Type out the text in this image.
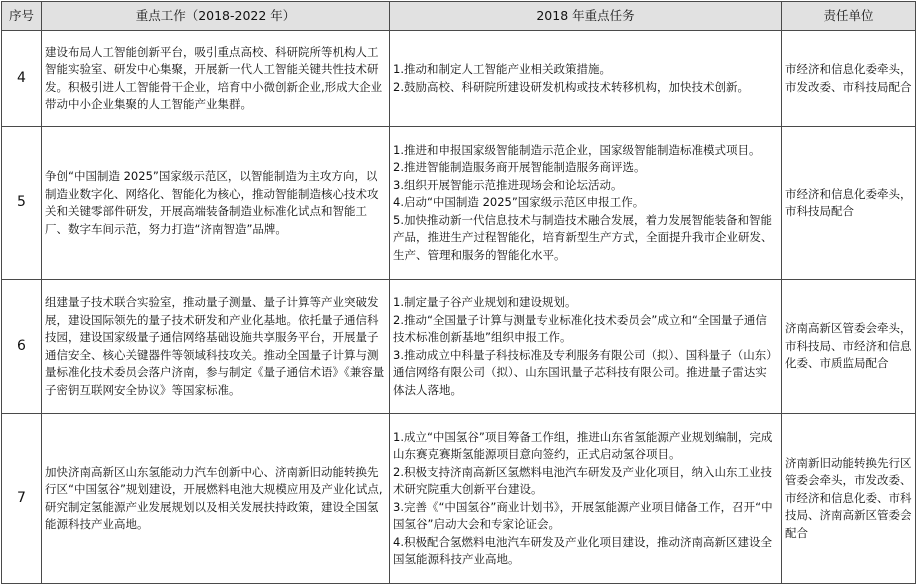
序号	重点工作（2018-2022 年）	2018 年重点任务	责任单位
4	建设布局人工智能创新平台，吸引重点高校、科研院所等机构人工智能实验室、研发中心集聚，开展新一代人工智能关键共性技术研发。积极引进人工智能骨干企业，培育中小微创新企业,形成大企业带动中小企业集聚的人工智能产业集群。	1.推动和制定人工智能产业相关政策措施。
2.鼓励高校、科研院所建设研发机构或技术转移机构，加快技术创新。	市经济和信息化委牵头，市发改委、市科技局配合
5	争创“中国制造 2025”国家级示范区，以智能制造为主攻方向，以制造业数字化、网络化、智能化为核心，推动智能制造核心技术攻关和关键零部件研发，开展高端装备制造业标准化试点和智能工厂、数字车间示范，努力打造“济南智造”品牌。	1.推进和申报国家级智能制造示范企业，国家级智能制造标准模式项目。
2.推进智能制造服务商开展智能制造服务商评选。
3.组织开展智能示范推进现场会和论坛活动。
4.启动“中国制造 2025”国家级示范区申报工作。
5.加快推动新一代信息技术与制造技术融合发展，着力发展智能装备和智能产品，推进生产过程智能化，培育新型生产方式，全面提升我市企业研发、生产、管理和服务的智能化水平。	市经济和信息化委牵头，市科技局配合
6	组建量子技术联合实验室，推动量子测量、量子计算等产业突破发展，建设国际领先的量子技术研发和产业化基地。依托量子通信科技园，建设国家级量子通信网络基础设施共享服务平台，开展量子通信安全、核心关键器件等领域科技攻关。推动全国量子计算与测量标准化技术委员会落户济南，参与制定《量子通信术语》《兼容量子密钥互联网安全协议》等国家标准。	1.制定量子谷产业规划和建设规划。
2.推动“全国量子计算与测量专业标准化技术委员会”成立和“全国量子通信技术标准创新基地”组织申报工作。
3.推动成立中科量子科技标准及专利服务有限公司（拟）、国科量子（山东）通信网络有限公司（拟）、山东国讯量子芯科技有限公司。推进量子雷达实体法人落地。	济南高新区管委会牵头，市科技局、市经济和信息化委、市质监局配合
7	加快济南高新区山东氢能动力汽车创新中心、济南新旧动能转换先行区“中国氢谷”规划建设，开展燃料电池大规模应用及产业化试点,研究制定氢能源产业发展规划以及相关发展扶持政策，建设全国氢能源科技产业高地。	1.成立“中国氢谷”项目筹备工作组，推进山东省氢能源产业规划编制，完成山东赛克赛斯氢能源项目意向签约，正式启动氢谷项目。
2.积极支持济南高新区氢燃料电池汽车研发及产业化项目，纳入山东工业技术研究院重大创新平台建设。
3.完善《“中国氢谷”商业计划书》，开展氢能源产业项目储备工作，召开“中国氢谷”启动大会和专家论证会。
4.积极配合氢燃料电池汽车研发及产业化项目建设，推动济南高新区建设全国氢能源科技产业高地。	济南新旧动能转换先行区管委会牵头，市发改委、市经济和信息化委、市科技局、济南高新区管委会配合
